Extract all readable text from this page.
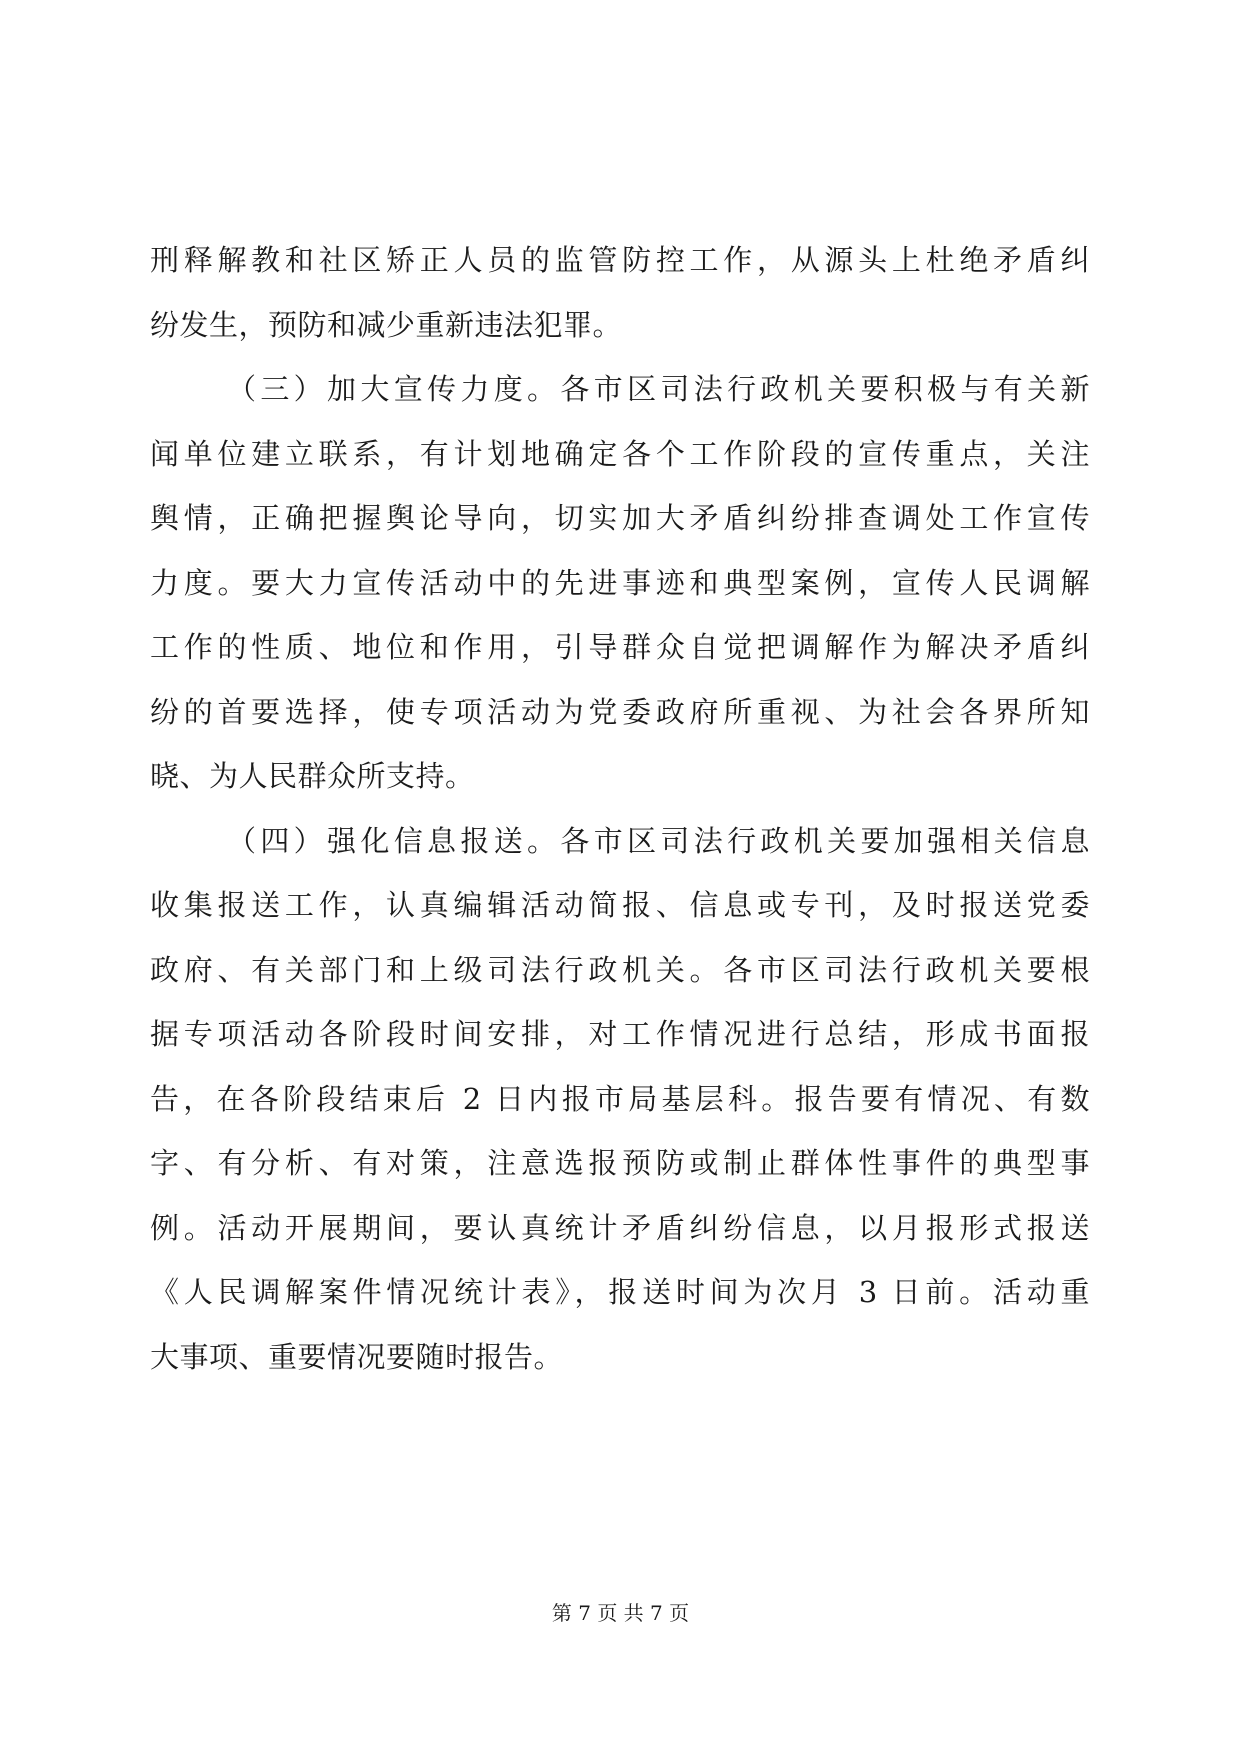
刑释解教和社区矫正人员的监管防控工作，从源头上杜绝矛盾纠
纷发生，预防和减少重新违法犯罪。
（三）加大宣传力度。各市区司法行政机关要积极与有关新
闻单位建立联系，有计划地确定各个工作阶段的宣传重点，关注
舆情，正确把握舆论导向，切实加大矛盾纠纷排查调处工作宣传
力度。要大力宣传活动中的先进事迹和典型案例，宣传人民调解
工作的性质、地位和作用，引导群众自觉把调解作为解决矛盾纠
纷的首要选择，使专项活动为党委政府所重视、为社会各界所知
晓、为人民群众所支持。
（四）强化信息报送。各市区司法行政机关要加强相关信息
收集报送工作，认真编辑活动简报、信息或专刊，及时报送党委
政府、有关部门和上级司法行政机关。各市区司法行政机关要根
据专项活动各阶段时间安排，对工作情况进行总结，形成书面报
告，在各阶段结束后 2 日内报市局基层科。报告要有情况、有数
字、有分析、有对策，注意选报预防或制止群体性事件的典型事
例。活动开展期间，要认真统计矛盾纠纷信息，以月报形式报送
《人民调解案件情况统计表》，报送时间为次月 3 日前。活动重
大事项、重要情况要随时报告。
第 7 页 共 7 页
